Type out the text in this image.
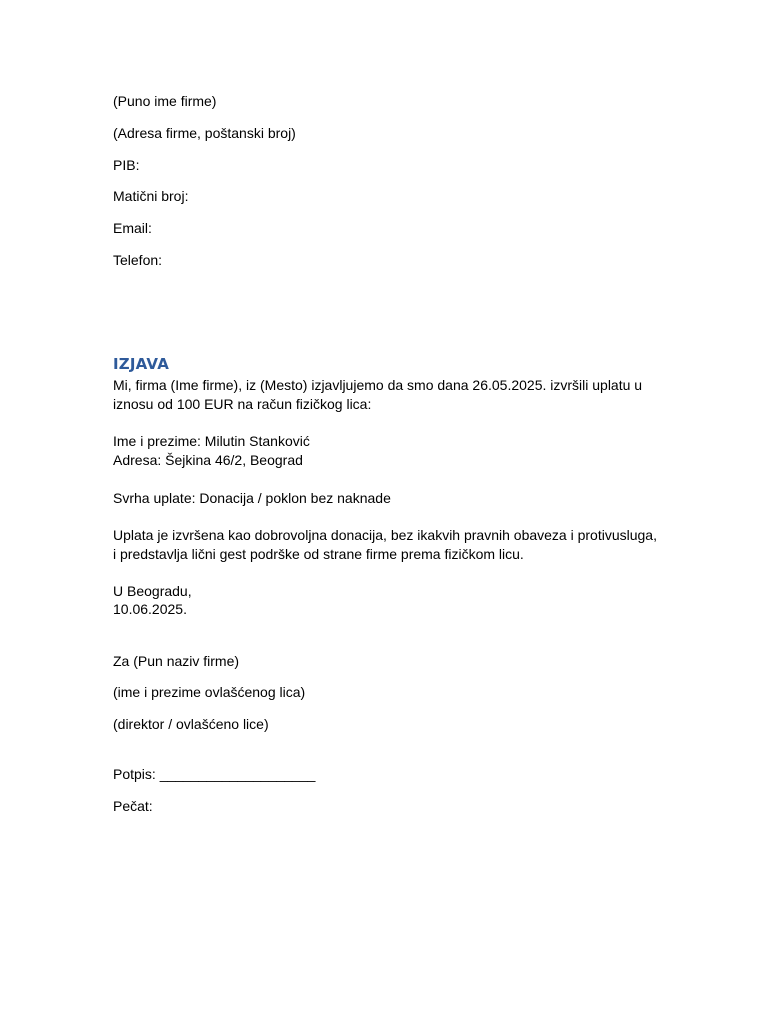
(Puno ime firme)
(Adresa firme, poštanski broj)
PIB:
Matični broj:
Email:
Telefon:
IZJAVA
Mi, firma (Ime firme), iz (Mesto) izjavljujemo da smo dana 26.05.2025. izvršili uplatu u
iznosu od 100 EUR na račun fizičkog lica:
Ime i prezime: Milutin Stanković
Adresa: Šejkina 46/2, Beograd
Svrha uplate: Donacija / poklon bez naknade
Uplata je izvršena kao dobrovoljna donacija, bez ikakvih pravnih obaveza i protivusluga,
i predstavlja lični gest podrške od strane firme prema fizičkom licu.
U Beogradu,
10.06.2025.
Za (Pun naziv firme)
(ime i prezime ovlašćenog lica)
(direktor / ovlašćeno lice)
Potpis: ____________________
Pečat:
